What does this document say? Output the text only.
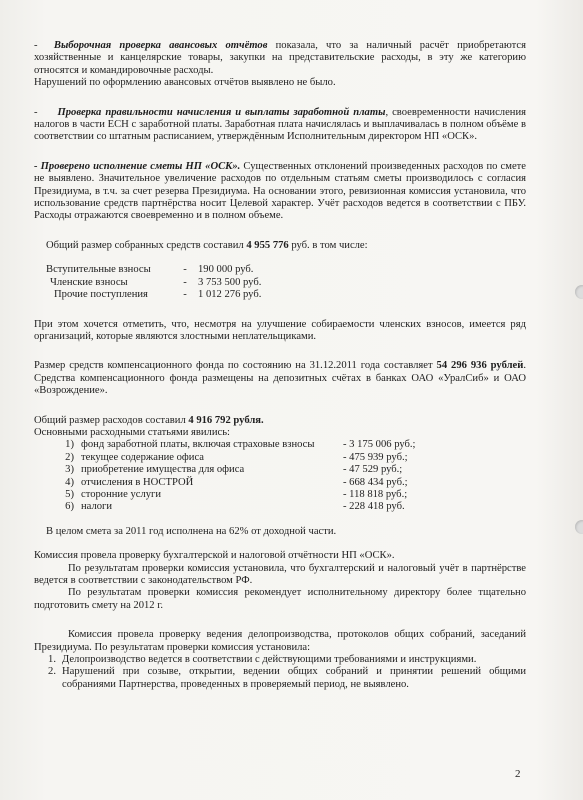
-  Выборочная проверка авансовых отчётов показала, что за наличный расчёт приобретаются хозяйственные и канцелярские товары, закупки на представительские расходы, в эту же категорию относятся и командировочные расходы.

Нарушений по оформлению авансовых отчётов выявлено не было.

-     Проверка правильности начисления и выплаты заработной платы, своевременности начисления налогов в части ЕСН с заработной платы. Заработная плата начислялась и выплачивалась в полном объёме в соответствии со штатным расписанием, утверждённым Исполнительным директором НП «ОСК».

- Проверено исполнение сметы НП «ОСК». Существенных отклонений произведенных расходов по смете не выявлено. Значительное увеличение расходов по отдельным статьям сметы производилось с согласия Президиума, в т.ч. за счет резерва Президиума. На основании этого, ревизионная комиссия установила, что использование средств партнёрства носит Целевой характер. Учёт расходов ведется в соответствии с ПБУ. Расходы отражаются своевременно и в полном объеме.

Общий размер собранных средств составил 4 955 776 руб. в том числе:

Вступительные взносы	-	190 000 руб.
Членские взносы	-	3 753 500 руб.
Прочие поступления	-	1 012 276 руб.

При этом хочется отметить, что, несмотря на улучшение собираемости членских взносов, имеется ряд организаций, которые являются злостными неплательщиками.

Размер средств компенсационного фонда по состоянию на 31.12.2011 года составляет 54 296 936 рублей. Средства компенсационного фонда размещены на депозитных счётах в банках ОАО «УралСиб» и ОАО «Возрождение».

Общий размер расходов составил 4 916 792 рубля.

Основными расходными статьями явились:

1) фонд заработной платы, включая страховые взносы	- 3 175 006 руб.;
2) текущее содержание офиса	- 475 939 руб.;
3) приобретение имущества для офиса	- 47 529 руб.;
4) отчисления в НОСТРОЙ	- 668 434 руб.;
5) сторонние услуги	- 118 818 руб.;
6) налоги	- 228 418 руб.

В целом смета за 2011 год исполнена на 62% от доходной части.

Комиссия провела проверку бухгалтерской и налоговой отчётности НП «ОСК».

По результатам проверки комиссия установила, что бухгалтерский и налоговый учёт в партнёрстве ведется в соответствии с законодательством РФ.

По результатам проверки комиссия рекомендует исполнительному директору более тщательно подготовить смету на 2012 г.

Комиссия провела проверку ведения делопроизводства, протоколов общих собраний, заседаний Президиума. По результатам проверки комиссия установила:

1. Делопроизводство ведется в соответствии с действующими требованиями и инструкциями.
2. Нарушений при созыве, открытии, ведении общих собраний и принятии решений общими собраниями Партнерства, проведенных в проверяемый период, не выявлено.
2
